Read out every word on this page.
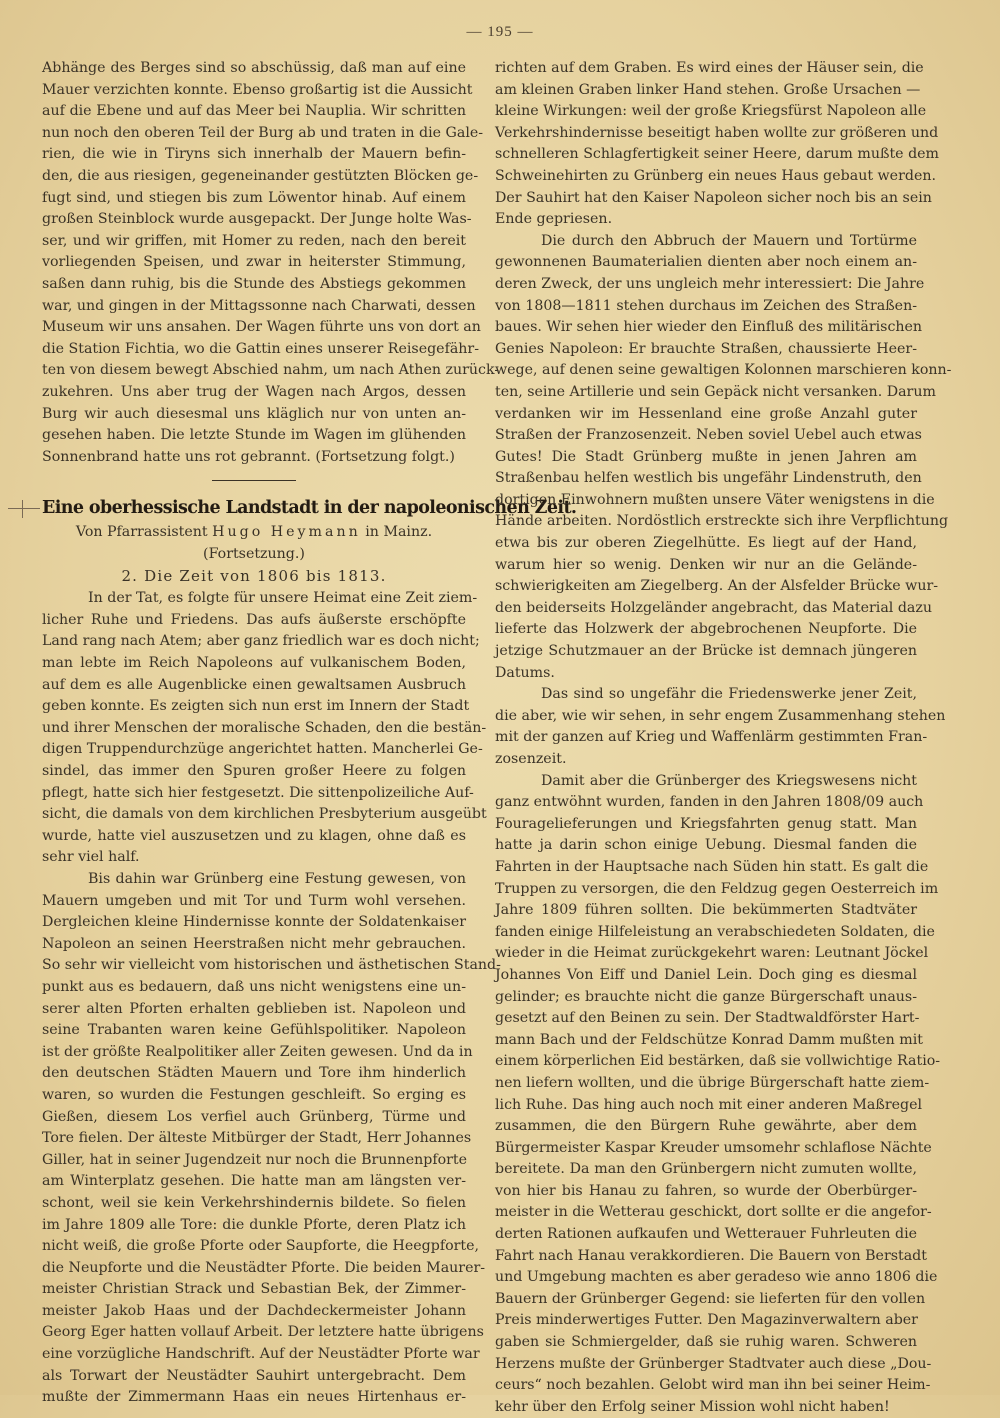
— 195 —
Abhänge des Berges sind so abschüssig, daß man auf eine
Mauer verzichten konnte. Ebenso großartig ist die Aussicht
auf die Ebene und auf das Meer bei Nauplia. Wir schritten
nun noch den oberen Teil der Burg ab und traten in die Gale-
rien, die wie in Tiryns sich innerhalb der Mauern befin-
den, die aus riesigen, gegeneinander gestützten Blöcken ge-
fugt sind, und stiegen bis zum Löwentor hinab. Auf einem
großen Steinblock wurde ausgepackt. Der Junge holte Was-
ser, und wir griffen, mit Homer zu reden, nach den bereit
vorliegenden Speisen, und zwar in heiterster Stimmung,
saßen dann ruhig, bis die Stunde des Abstiegs gekommen
war, und gingen in der Mittagssonne nach Charwati, dessen
Museum wir uns ansahen. Der Wagen führte uns von dort an
die Station Fichtia, wo die Gattin eines unserer Reisegefähr-
ten von diesem bewegt Abschied nahm, um nach Athen zurück-
zukehren. Uns aber trug der Wagen nach Argos, dessen
Burg wir auch diesesmal uns kläglich nur von unten an-
gesehen haben. Die letzte Stunde im Wagen im glühenden
Sonnenbrand hatte uns rot gebrannt. (Fortsetzung folgt.)
Eine oberhessische Landstadt in der napoleonischen Zeit.
Von Pfarrassistent Hugo Heymann in Mainz.
(Fortsetzung.)
2. Die Zeit von 1806 bis 1813.
In der Tat, es folgte für unsere Heimat eine Zeit ziem-
licher Ruhe und Friedens. Das aufs äußerste erschöpfte
Land rang nach Atem; aber ganz friedlich war es doch nicht;
man lebte im Reich Napoleons auf vulkanischem Boden,
auf dem es alle Augenblicke einen gewaltsamen Ausbruch
geben konnte. Es zeigten sich nun erst im Innern der Stadt
und ihrer Menschen der moralische Schaden, den die bestän-
digen Truppendurchzüge angerichtet hatten. Mancherlei Ge-
sindel, das immer den Spuren großer Heere zu folgen
pflegt, hatte sich hier festgesetzt. Die sittenpolizeiliche Auf-
sicht, die damals von dem kirchlichen Presbyterium ausgeübt
wurde, hatte viel auszusetzen und zu klagen, ohne daß es
sehr viel half.
Bis dahin war Grünberg eine Festung gewesen, von
Mauern umgeben und mit Tor und Turm wohl versehen.
Dergleichen kleine Hindernisse konnte der Soldatenkaiser
Napoleon an seinen Heerstraßen nicht mehr gebrauchen.
So sehr wir vielleicht vom historischen und ästhetischen Stand-
punkt aus es bedauern, daß uns nicht wenigstens eine un-
serer alten Pforten erhalten geblieben ist. Napoleon und
seine Trabanten waren keine Gefühlspolitiker. Napoleon
ist der größte Realpolitiker aller Zeiten gewesen. Und da in
den deutschen Städten Mauern und Tore ihm hinderlich
waren, so wurden die Festungen geschleift. So erging es
Gießen, diesem Los verfiel auch Grünberg, Türme und
Tore fielen. Der älteste Mitbürger der Stadt, Herr Johannes
Giller, hat in seiner Jugendzeit nur noch die Brunnenpforte
am Winterplatz gesehen. Die hatte man am längsten ver-
schont, weil sie kein Verkehrshindernis bildete. So fielen
im Jahre 1809 alle Tore: die dunkle Pforte, deren Platz ich
nicht weiß, die große Pforte oder Saupforte, die Heegpforte,
die Neupforte und die Neustädter Pforte. Die beiden Maurer-
meister Christian Strack und Sebastian Bek, der Zimmer-
meister Jakob Haas und der Dachdeckermeister Johann
Georg Eger hatten vollauf Arbeit. Der letztere hatte übrigens
eine vorzügliche Handschrift. Auf der Neustädter Pforte war
als Torwart der Neustädter Sauhirt untergebracht. Dem
mußte der Zimmermann Haas ein neues Hirtenhaus er-
richten auf dem Graben. Es wird eines der Häuser sein, die
am kleinen Graben linker Hand stehen. Große Ursachen —
kleine Wirkungen: weil der große Kriegsfürst Napoleon alle
Verkehrshindernisse beseitigt haben wollte zur größeren und
schnelleren Schlagfertigkeit seiner Heere, darum mußte dem
Schweinehirten zu Grünberg ein neues Haus gebaut werden.
Der Sauhirt hat den Kaiser Napoleon sicher noch bis an sein
Ende gepriesen.
Die durch den Abbruch der Mauern und Tortürme
gewonnenen Baumaterialien dienten aber noch einem an-
deren Zweck, der uns ungleich mehr interessiert: Die Jahre
von 1808—1811 stehen durchaus im Zeichen des Straßen-
baues. Wir sehen hier wieder den Einfluß des militärischen
Genies Napoleon: Er brauchte Straßen, chaussierte Heer-
wege, auf denen seine gewaltigen Kolonnen marschieren konn-
ten, seine Artillerie und sein Gepäck nicht versanken. Darum
verdanken wir im Hessenland eine große Anzahl guter
Straßen der Franzosenzeit. Neben soviel Uebel auch etwas
Gutes! Die Stadt Grünberg mußte in jenen Jahren am
Straßenbau helfen westlich bis ungefähr Lindenstruth, den
dortigen Einwohnern mußten unsere Väter wenigstens in die
Hände arbeiten. Nordöstlich erstreckte sich ihre Verpflichtung
etwa bis zur oberen Ziegelhütte. Es liegt auf der Hand,
warum hier so wenig. Denken wir nur an die Gelände-
schwierigkeiten am Ziegelberg. An der Alsfelder Brücke wur-
den beiderseits Holzgeländer angebracht, das Material dazu
lieferte das Holzwerk der abgebrochenen Neupforte. Die
jetzige Schutzmauer an der Brücke ist demnach jüngeren
Datums.
Das sind so ungefähr die Friedenswerke jener Zeit,
die aber, wie wir sehen, in sehr engem Zusammenhang stehen
mit der ganzen auf Krieg und Waffenlärm gestimmten Fran-
zosenzeit.
Damit aber die Grünberger des Kriegswesens nicht
ganz entwöhnt wurden, fanden in den Jahren 1808/09 auch
Fouragelieferungen und Kriegsfahrten genug statt. Man
hatte ja darin schon einige Uebung. Diesmal fanden die
Fahrten in der Hauptsache nach Süden hin statt. Es galt die
Truppen zu versorgen, die den Feldzug gegen Oesterreich im
Jahre 1809 führen sollten. Die bekümmerten Stadtväter
fanden einige Hilfeleistung an verabschiedeten Soldaten, die
wieder in die Heimat zurückgekehrt waren: Leutnant Jöckel
Johannes Von Eiff und Daniel Lein. Doch ging es diesmal
gelinder; es brauchte nicht die ganze Bürgerschaft unaus-
gesetzt auf den Beinen zu sein. Der Stadtwaldförster Hart-
mann Bach und der Feldschütze Konrad Damm mußten mit
einem körperlichen Eid bestärken, daß sie vollwichtige Ratio-
nen liefern wollten, und die übrige Bürgerschaft hatte ziem-
lich Ruhe. Das hing auch noch mit einer anderen Maßregel
zusammen, die den Bürgern Ruhe gewährte, aber dem
Bürgermeister Kaspar Kreuder umsomehr schlaflose Nächte
bereitete. Da man den Grünbergern nicht zumuten wollte,
von hier bis Hanau zu fahren, so wurde der Oberbürger-
meister in die Wetterau geschickt, dort sollte er die angefor-
derten Rationen aufkaufen und Wetterauer Fuhrleuten die
Fahrt nach Hanau verakkordieren. Die Bauern von Berstadt
und Umgebung machten es aber geradeso wie anno 1806 die
Bauern der Grünberger Gegend: sie lieferten für den vollen
Preis minderwertiges Futter. Den Magazinverwaltern aber
gaben sie Schmiergelder, daß sie ruhig waren. Schweren
Herzens mußte der Grünberger Stadtvater auch diese „Dou-
ceurs“ noch bezahlen. Gelobt wird man ihn bei seiner Heim-
kehr über den Erfolg seiner Mission wohl nicht haben!
